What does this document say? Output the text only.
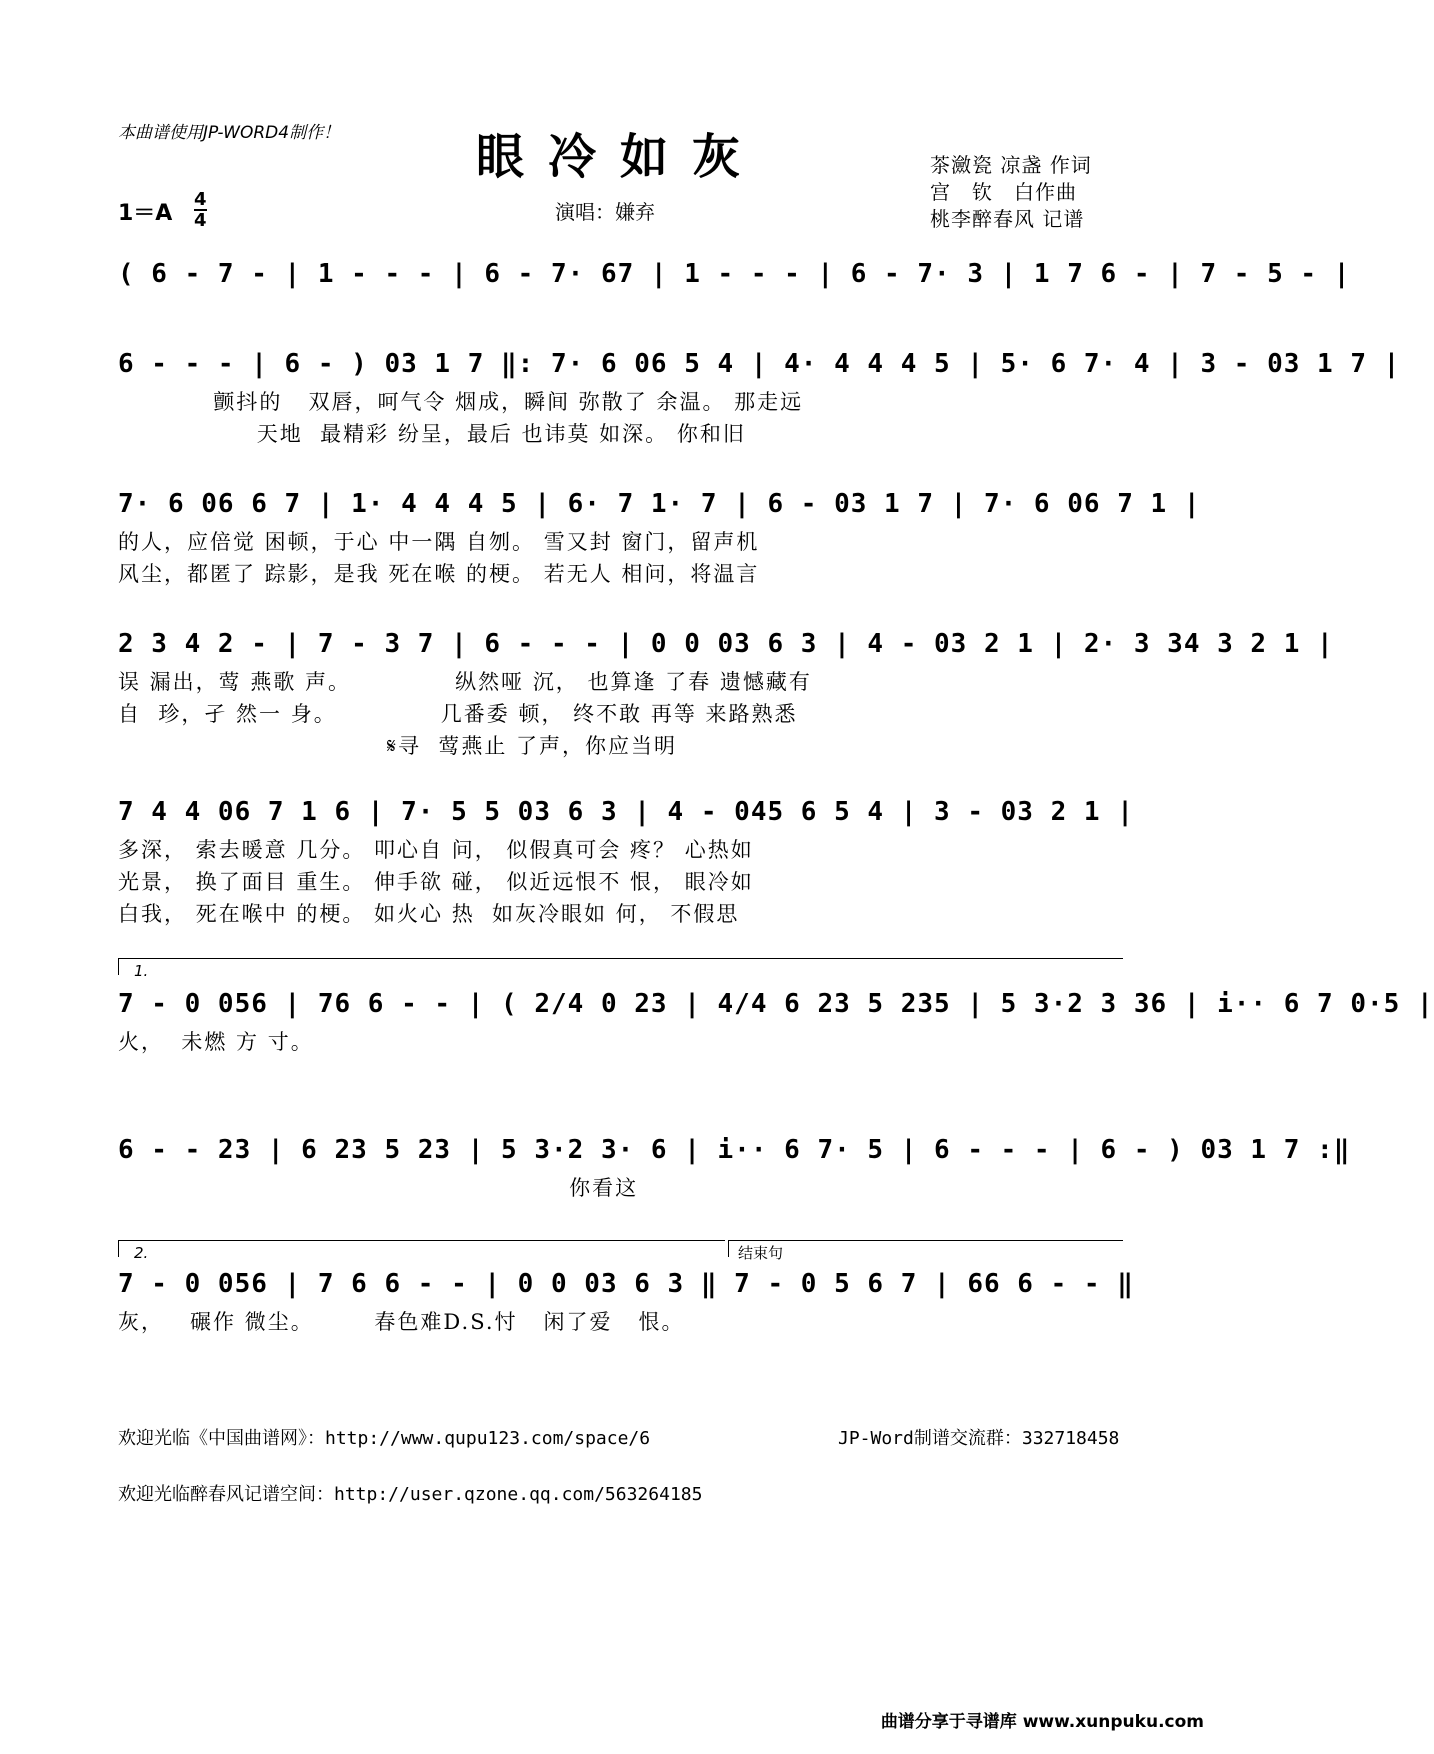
本曲谱使用JP-WORD4制作！	眼冷如灰	茶瀲瓷 凉盏 作词
宫　钦　白作曲
桃李醉春风 记谱
1＝A
4
4	演唱：嫌弃
( 6 - 7 - | 1 - - - | 6 - 7· 67 | 1 - - - | 6 - 7· 3 | 1 7 6 - | 7 - 5 - |
6 - - - | 6 - ) 03 1 7 ‖: 7· 6 06 5 4 | 4· 4 4 4 5 | 5· 6 7· 4 | 3 - 03 1 7 |
颤抖的   双唇，呵气令 烟成，瞬间 弥散了 余温。 那走远
天地  最精彩 纷呈，最后 也讳莫 如深。 你和旧
7· 6 06 6 7 | 1· 4 4 4 5 | 6· 7 1· 7 | 6 - 03 1 7 | 7· 6 06 7 1 |
的人，应倍觉 困顿，于心 中一隅 自刎。 雪又封 窗门，留声机
风尘，都匿了 踪影，是我 死在喉 的梗。 若无人 相问，将温言
2 3 4 2 - | 7 - 3 7 | 6 - - - | 0 0 03 6 3 | 4 - 03 2 1 | 2· 3 34 3 2 1 |
误 漏出，莺 燕歌 声。            纵然哑 沉， 也算逢 了春 遗憾藏有
自  珍，孑 然一 身。            几番委 顿， 终不敢 再等 来路熟悉
𝄋寻  莺燕止 了声，你应当明
7 4 4 06 7 1 6 | 7· 5 5 03 6 3 | 4 - 045 6 5 4 | 3 - 03 2 1 |
多深， 索去暖意 几分。 叩心自 问， 似假真可会 疼？ 心热如
光景， 换了面目 重生。 伸手欲 碰， 似近远恨不 恨， 眼冷如
白我， 死在喉中 的梗。 如火心 热  如灰冷眼如 何， 不假思
1.
7 - 0 056 | 76 6 - - | ( 2/4 0 23 | 4/4 6 23 5 235 | 5 3·2 3 36 | i·· 6 7 0·5 |
火，  未燃 方 寸。
6 - - 23 | 6 23 5 23 | 5 3·2 3· 6 | i·· 6 7· 5 | 6 - - - | 6 - ) 03 1 7 :‖
你看这
2.	结束句
7 - 0 056 | 7 6 6 - - | 0 0 03 6 3 ‖ 7 - 0 5 6 7 | 66 6 - - ‖
灰，   碾作 微尘。       春色难D.S.忖   闲了爱   恨。
欢迎光临《中国曲谱网》：http://www.qupu123.com/space/6	JP-Word制谱交流群：332718458
欢迎光临醉春风记谱空间：http://user.qzone.qq.com/563264185
曲谱分享于寻谱库 www.xunpuku.com
